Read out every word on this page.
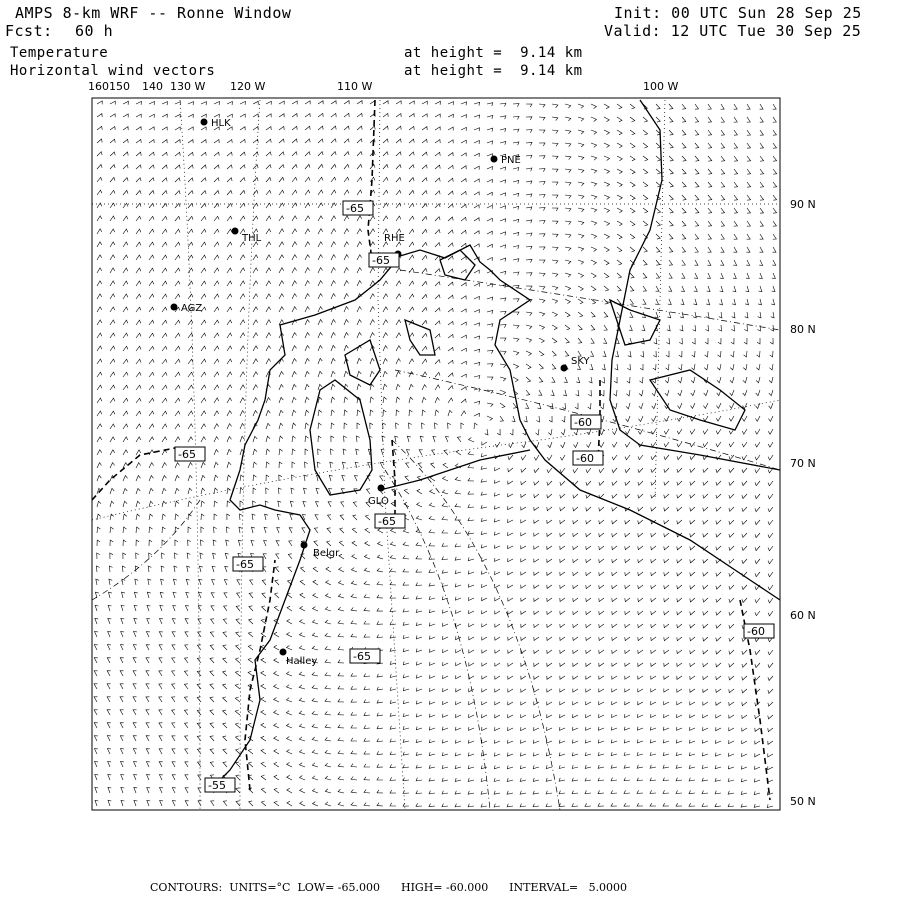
AMPS 8-km WRF -- Ronne Window	Init: 00 UTC Sun 28 Sep 25
Fcst: 60 h	Valid: 12 UTC Tue 30 Sep 25
Temperature	at height =  9.14 km
Horizontal wind vectors	at height =  9.14 km
160150 140 130 W 120 W	110 W	100 W
90 N
80 N
70 N
60 N
50 N
HLK
PNE
THL	RHE
AGZ
SKY
GLO
Belgr
Halley
-65
-65
-65
-60
-60
-65
-65
-65
-60
-55
CONTOURS:  UNITS=°C  LOW= -65.000      HIGH= -60.000      INTERVAL=   5.0000
